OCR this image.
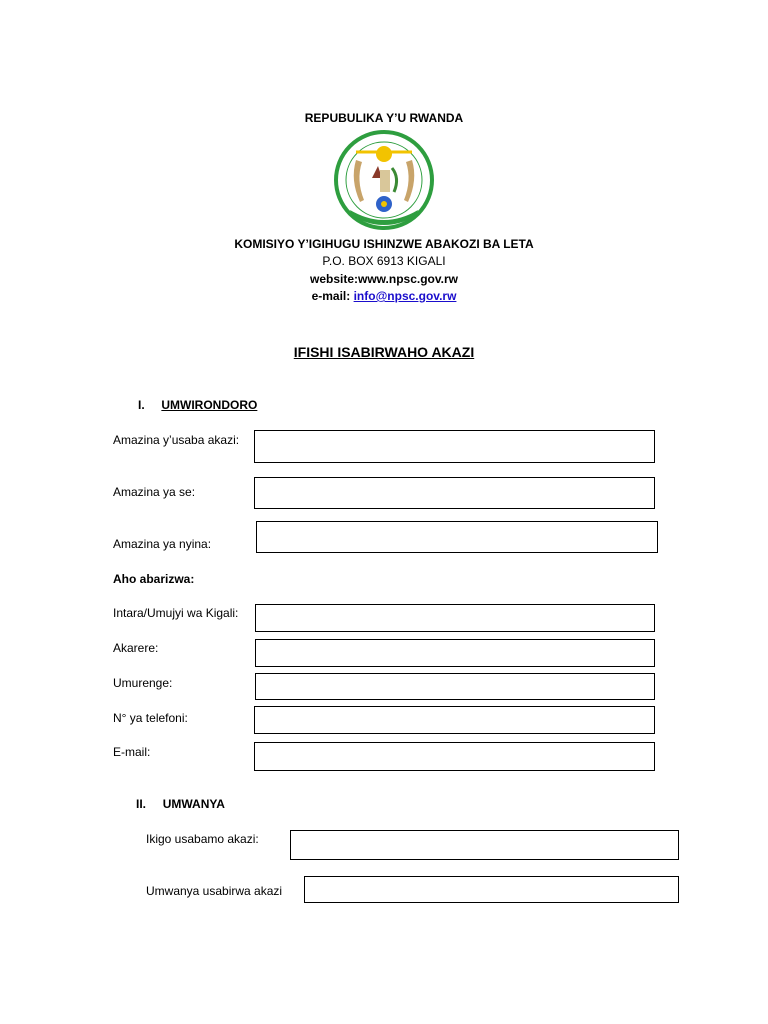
REPUBULIKA Y’U RWANDA
KOMISIYO Y’IGIHUGU ISHINZWE ABAKOZI BA LETA
P.O. BOX 6913 KIGALI
website:www.npsc.gov.rw
e-mail: info@npsc.gov.rw
IFISHI ISABIRWAHO AKAZI
I. UMWIRONDORO
Amazina y’usaba akazi:
Amazina ya se:
Amazina ya nyina:
Aho abarizwa:
Intara/Umujyi wa Kigali:
Akarere:
Umurenge:
N° ya telefoni:
E-mail:
II. UMWANYA
Ikigo usabamo akazi:
Umwanya usabirwa akazi
